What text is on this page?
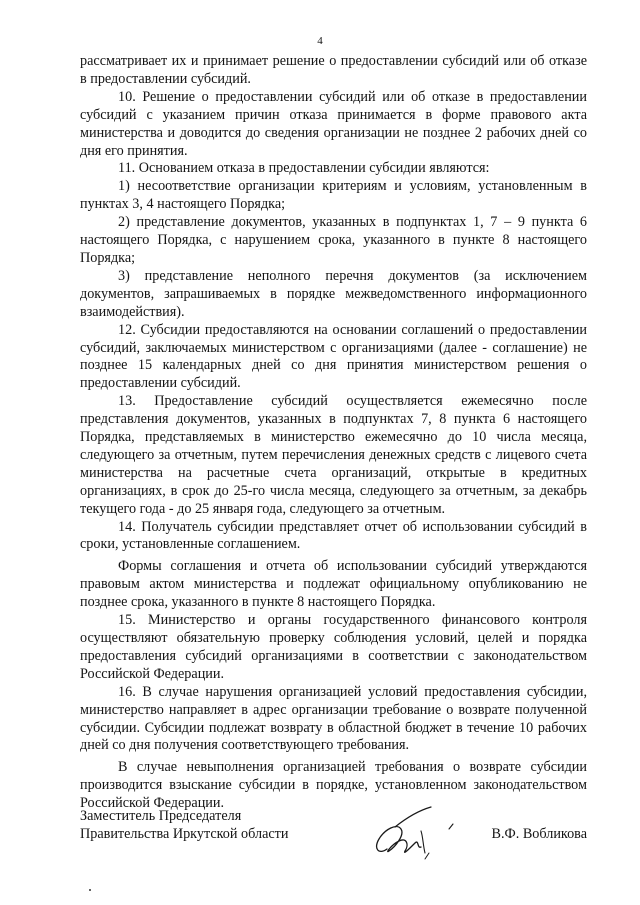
4

рассматривает их и принимает решение о предоставлении субсидий или об отказе в предоставлении субсидий.

10. Решение о предоставлении субсидий или об отказе в предоставлении субсидий с указанием причин отказа принимается в форме правового акта министерства и доводится до сведения организации не позднее 2 рабочих дней со дня его принятия.

11. Основанием отказа в предоставлении субсидии являются:

1) несоответствие организации критериям и условиям, установленным в пунктах 3, 4 настоящего Порядка;

2) представление документов, указанных в подпунктах 1, 7 – 9 пункта 6 настоящего Порядка, с нарушением срока, указанного в пункте 8 настоящего Порядка;

3) представление неполного перечня документов (за исключением документов, запрашиваемых в порядке межведомственного информационного взаимодействия).

12. Субсидии предоставляются на основании соглашений о предоставлении субсидий, заключаемых министерством с организациями (далее - соглашение) не позднее 15 календарных дней со дня принятия министерством решения о предоставлении субсидий.

13. Предоставление субсидий осуществляется ежемесячно после представления документов, указанных в подпунктах 7, 8 пункта 6 настоящего Порядка, представляемых в министерство ежемесячно до 10 числа месяца, следующего за отчетным, путем перечисления денежных средств с лицевого счета министерства на расчетные счета организаций, открытые в кредитных организациях, в срок до 25-го числа месяца, следующего за отчетным, за декабрь текущего года - до 25 января года, следующего за отчетным.

14. Получатель субсидии представляет отчет об использовании субсидий в сроки, установленные соглашением.

Формы соглашения и отчета об использовании субсидий утверждаются правовым актом министерства и подлежат официальному опубликованию не позднее срока, указанного в пункте 8 настоящего Порядка.

15. Министерство и органы государственного финансового контроля осуществляют обязательную проверку соблюдения условий, целей и порядка предоставления субсидий организациями в соответствии с законодательством Российской Федерации.

16. В случае нарушения организацией условий предоставления субсидии, министерство направляет в адрес организации требование о возврате полученной субсидии. Субсидии подлежат возврату в областной бюджет в течение 10 рабочих дней со дня получения соответствующего требования.

В случае невыполнения организацией требования о возврате субсидии производится взыскание субсидии в порядке, установленном законодательством Российской Федерации.

Заместитель Председателя
Правительства Иркутской области	В.Ф. Вобликова
